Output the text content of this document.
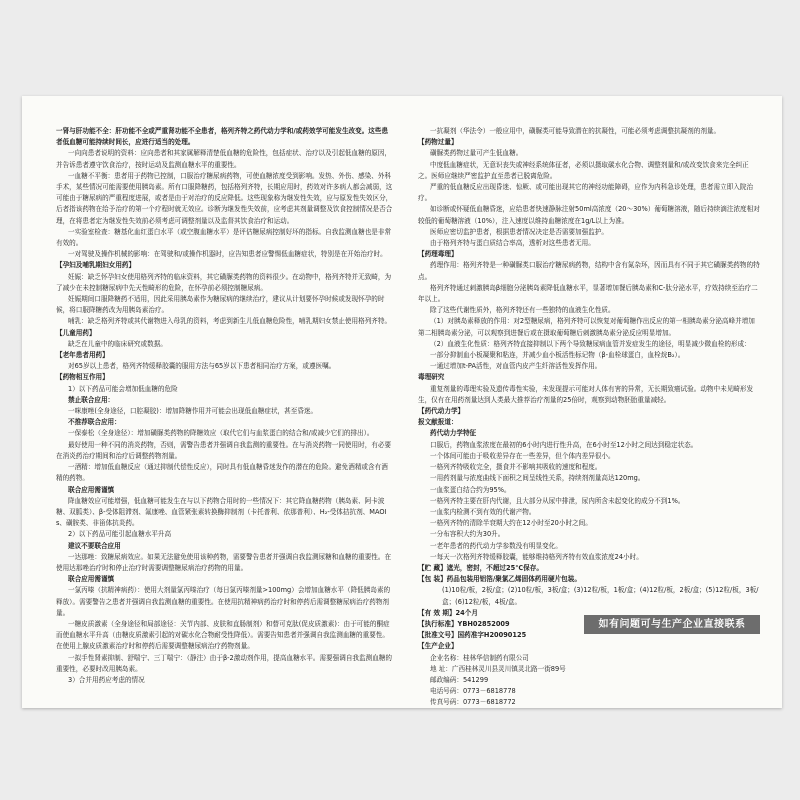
一肾与肝功能不全：肝功能不全或严重肾功能不全患者，格列齐特之药代动力学和/或药效学可能发生改变。这些患者低血糖可能持续时间长，应进行适当的处理。

一向向患者说明的资料：应向患者和其家属解释清楚低血糖的危险性，包括症状、治疗以及引起低血糖的原因，并告诉患者遵守饮食治疗，按时运动及监测血糖水平的重要性。

一血糖不平衡：患者用于药物已控制，口服治疗糖尿病药物，可使血糖浓度受到影响。发热、外伤、感染、外科手术，某些情况可能需要使用胰岛素。所有口服降糖药，包括格列齐特，长期应用时，药效对许多病人都会减弱，这可能由于糖尿病的严重程度进展，或者是由于对治疗的反应降低。这些现象称为继发性失效，应与原发性失效区分，后者指该药物在给予治疗的第一个疗程时就无效应。诊断为继发性失效前，应考虑其剂量调整及饮食控制情况是否合理，在将患者定为继发性失效前必须考虑可调整剂量以及监督其饮食治疗和运动。

一实验室检查：糖基化血红蛋白水平（或空腹血糖水平）是评估糖尿病控制好坏的指标。自我监测血糖也是非常有效的。

一对驾驶及操作机械的影响：在驾驶和/或操作机器时，应告知患者应警惕低血糖症状，特别是在开始治疗时。

【孕妇及哺乳期妇女用药】

妊娠：缺乏怀孕妇女使用格列齐特的临床资料，其它磺脲类药物的资料很少。在动物中，格列齐特并无致畸，为了减少在未控制糖尿病中先天性畸形的危险，在怀孕前必须控制糖尿病。

妊娠期间口服降糖药不适用，因此采用胰岛素作为糖尿病的继续治疗，建议从计划要怀孕时候或发现怀孕的时候，将口服降糖药改为用胰岛素治疗。

哺乳：缺乏格列齐特或其代谢物进入母乳的资料，考虑到新生儿低血糖危险性，哺乳期妇女禁止使用格列齐特。

【儿童用药】

缺乏在儿童中的临床研究或数据。

【老年患者用药】

对65岁以上患者，格列齐特缓释胶囊的服用方法与65岁以下患者相同治疗方案，或遵医嘱。

【药物相互作用】

1）以下药品可能会增加低血糖的危险

禁止联合应用：

一咪康唑(全身途径，口腔凝胶)：增加降糖作用并可能会出现低血糖症状，甚至昏迷。

不推荐联合应用：

一保泰松（全身途径）：增加磺脲类药物的降糖效应（取代它们与血浆蛋白的结合和/或减少它们的排出）。

最好使用一种不同的消炎药物，否则，需警告患者并强调自我监测的重要性。在与消炎药物一同使用时，有必要在消炎药治疗期间和治疗后调整药物剂量。

一酒精：增加低血糖反应（通过抑制代偿性反应），同时具有低血糖昏迷发作的潜在的危险。避免酒精或含有酒精的药物。

联合应用需谨慎

降血糖效应可能增强，低血糖可能发生在与以下药物合用时的一些情况下：其它降血糖药物（胰岛素、阿卡波糖、双胍类）、β-受体阻滞剂、氟康唑、血管紧张素转换酶抑制剂（卡托普利、依那普利）、H₂-受体拮抗剂、MAOIs、磺胺类、非甾体抗炎药。

2）以下药品可能引起血糖水平升高

建议不要联合应用

一达那唑：致糖尿病效应。如果无法避免使用该种药物，需要警告患者并强调自我监测尿糖和血糖的重要性。在使用达那唑治疗时和停止治疗时需要调整糖尿病治疗药物的用量。

联合应用需谨慎

一氯丙嗪（抗精神病药）：使用大剂量氯丙嗪治疗（每日氯丙嗪剂量>100mg）会增加血糖水平（降低胰岛素的释放）。需要警告之患者并强调自我监测血糖的重要性。在使用抗精神病药治疗时和停药后需调整糖尿病治疗药物剂量。

一糖皮质激素（全身途径和局部途径：关节内部、皮肤和直肠制剂）和替可克肽(促皮质激素)：由于可能的酮症而使血糖水平升高（由糖皮质激素引起的对碳水化合物耐受性降低）。需要告知患者并强调自我监测血糖的重要性。在使用上腺皮质激素治疗时和停药后需要调整糖尿病治疗药物剂量。

一拟手性肾素抑制、舒喘宁、三丁喘宁：（静注）由于β-2激动剂作用，提高血糖水平。需要强调自我监测血糖的重要性，必要时改用胰岛素。

3）合并用药应考虑的情况

一抗凝剂（华法令）一般应用中，磺脲类可能导致潜在的抗凝性，可能必须考虑调整抗凝剂的剂量。

【药物过量】

磺脲类药物过量可产生低血糖。

中度低血糖症状，无意识丧失或神经系统体征者，必须以摄取碳水化合物、调整剂量和/或改变饮食来完全纠正之。医师应继续严密监护直至患者已脱离危险。

严重的低血糖反应出现昏迷、惊厥、或可能出现其它的神经功能障碍，应作为内科急诊处理，患者需立即入院治疗。

如诊断或怀疑低血糖昏迷，应给患者快速静脉注射50ml高浓度（20～30%）葡萄糖溶液，随后持续滴注浓度相对较低的葡萄糖溶液（10%），注入速度以维持血糖浓度在1g/L以上为准。

医师应密切监护患者，根据患者情况决定是否需要加强监护。

由于格列齐特与蛋白质结合率高，透析对这些患者无用。

【药理毒理】

药理作用：格列齐特是一种磺脲类口服治疗糖尿病药物，结构中含有氮杂环，因而具有不同于其它磺脲类药物的特点。

格列齐特通过刺激胰岛β细胞分泌胰岛素降低血糖水平，显著增加餐后胰岛素和C-肽分泌水平，疗效持续至治疗二年以上。

除了这些代谢性质外，格列齐特还有一些独特的血液生化性质。

（1）对胰岛素释放的作用：对2型糖尿病，格列齐特可以恢复对葡萄糖作出反应的第一相胰岛素分泌高峰并增加第二相胰岛素分泌，可以观察到进餐后或在摄取葡萄糖后刺激胰岛素分泌反应明显增加。

（2）血液生化性质：格列齐特直接抑制以下两个导致糖尿病血管并发症发生的途径，明显减少微血栓的形成：

一部分抑制血小板凝聚和粘连，并减少血小板活性标记物（β-血栓球蛋白，血栓烷B₂）。

一通过增加t-PA活性，对血管内皮产生纤溶活性发挥作用。

毒理研究

重复剂量的毒理实验及遗传毒性实验，未发现提示可能对人体有害的异常，无长期致癌试验。动物中未见畸形发生，仅有在用药剂量达到人类最大推荐治疗剂量的25倍时，观察到动物胚胎重量减轻。

【药代动力学】

报文献报道：

药代动力学特征

口服后，药物血浆浓度在最初的6小时内进行性升高，在6小时至12小时之间达到稳定状态。

一个体间可能由于吸收差异存在一些差异，但个体内差异很小。

一格列齐特吸收完全，摄食并不影响其吸收的速度和程度。

一用药剂量与浓度曲线下面积之间呈线性关系，持续剂剂量高达120mg。

一血浆蛋白结合约为95%。

一格列齐特主要在肝内代谢，且大部分从尿中排泄，尿内所含未起变化的成分不到1%。

一血浆内检测不到有效的代谢产物。

一格列齐特的清除半衰期大约在12小时至20小时之间。

一分布容积大约为30升。

一老年患者的药代动力学参数没有明显变化。

一每天一次格列齐特缓释胶囊，能够维持格列齐特有效血浆浓度24小时。

【贮 藏】遮光，密封，不超过25℃保存。

【包 装】药品包装用铝箔/聚氯乙烯固体药用硬片包装。

(1)10粒/板，2板/盒；(2)10粒/板，3板/盒；(3)12粒/板，1板/盒；(4)12粒/板，2板/盒；(5)12粒/板，3板/盒；(6)12粒/板，4板/盒。

【有 效 期】24个月

【执行标准】YBH02852009

【批准文号】国药准字H20090125

【生产企业】

企业名称：桂林华信制药有限公司

地 址：广西桂林灵川县灵川镇灵北路一街89号

邮政编码：541299

电话号码：0773－6818778

传真号码：0773－6818772

如有问题可与生产企业直接联系
